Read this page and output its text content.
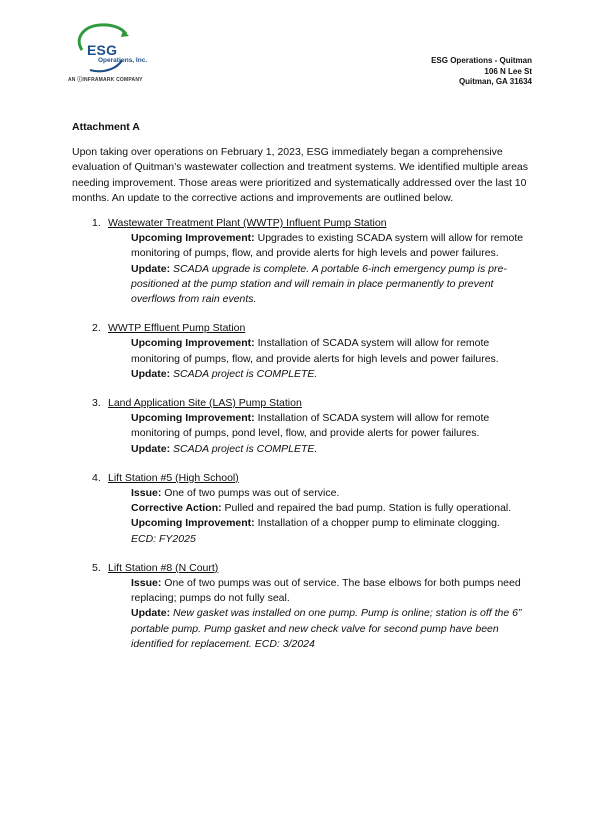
ESG
Operations, Inc.
AN ⓘINFRAMARK COMPANY
ESG Operations - Quitman
106 N Lee St
Quitman, GA 31634

Attachment A

Upon taking over operations on February 1, 2023, ESG immediately began a comprehensive evaluation of Quitman’s wastewater collection and treatment systems. We identified multiple areas needing improvement. Those areas were prioritized and systematically addressed over the last 10 months. An update to the corrective actions and improvements are outlined below.

1. Wastewater Treatment Plant (WWTP) Influent Pump Station
Upcoming Improvement: Upgrades to existing SCADA system will allow for remote monitoring of pumps, flow, and provide alerts for high levels and power failures.
Update: SCADA upgrade is complete. A portable 6-inch emergency pump is pre-positioned at the pump station and will remain in place permanently to prevent overflows from rain events.
2. WWTP Effluent Pump Station
Upcoming Improvement: Installation of SCADA system will allow for remote monitoring of pumps, flow, and provide alerts for high levels and power failures.
Update: SCADA project is COMPLETE.
3. Land Application Site (LAS) Pump Station
Upcoming Improvement: Installation of SCADA system will allow for remote monitoring of pumps, pond level, flow, and provide alerts for power failures.
Update: SCADA project is COMPLETE.
4. Lift Station #5 (High School)
Issue: One of two pumps was out of service.
Corrective Action: Pulled and repaired the bad pump. Station is fully operational.
Upcoming Improvement: Installation of a chopper pump to eliminate clogging.
ECD: FY2025
5. Lift Station #8 (N Court)
Issue: One of two pumps was out of service. The base elbows for both pumps need replacing; pumps do not fully seal.
Update: New gasket was installed on one pump. Pump is online; station is off the 6” portable pump. Pump gasket and new check valve for second pump have been identified for replacement. ECD: 3/2024
